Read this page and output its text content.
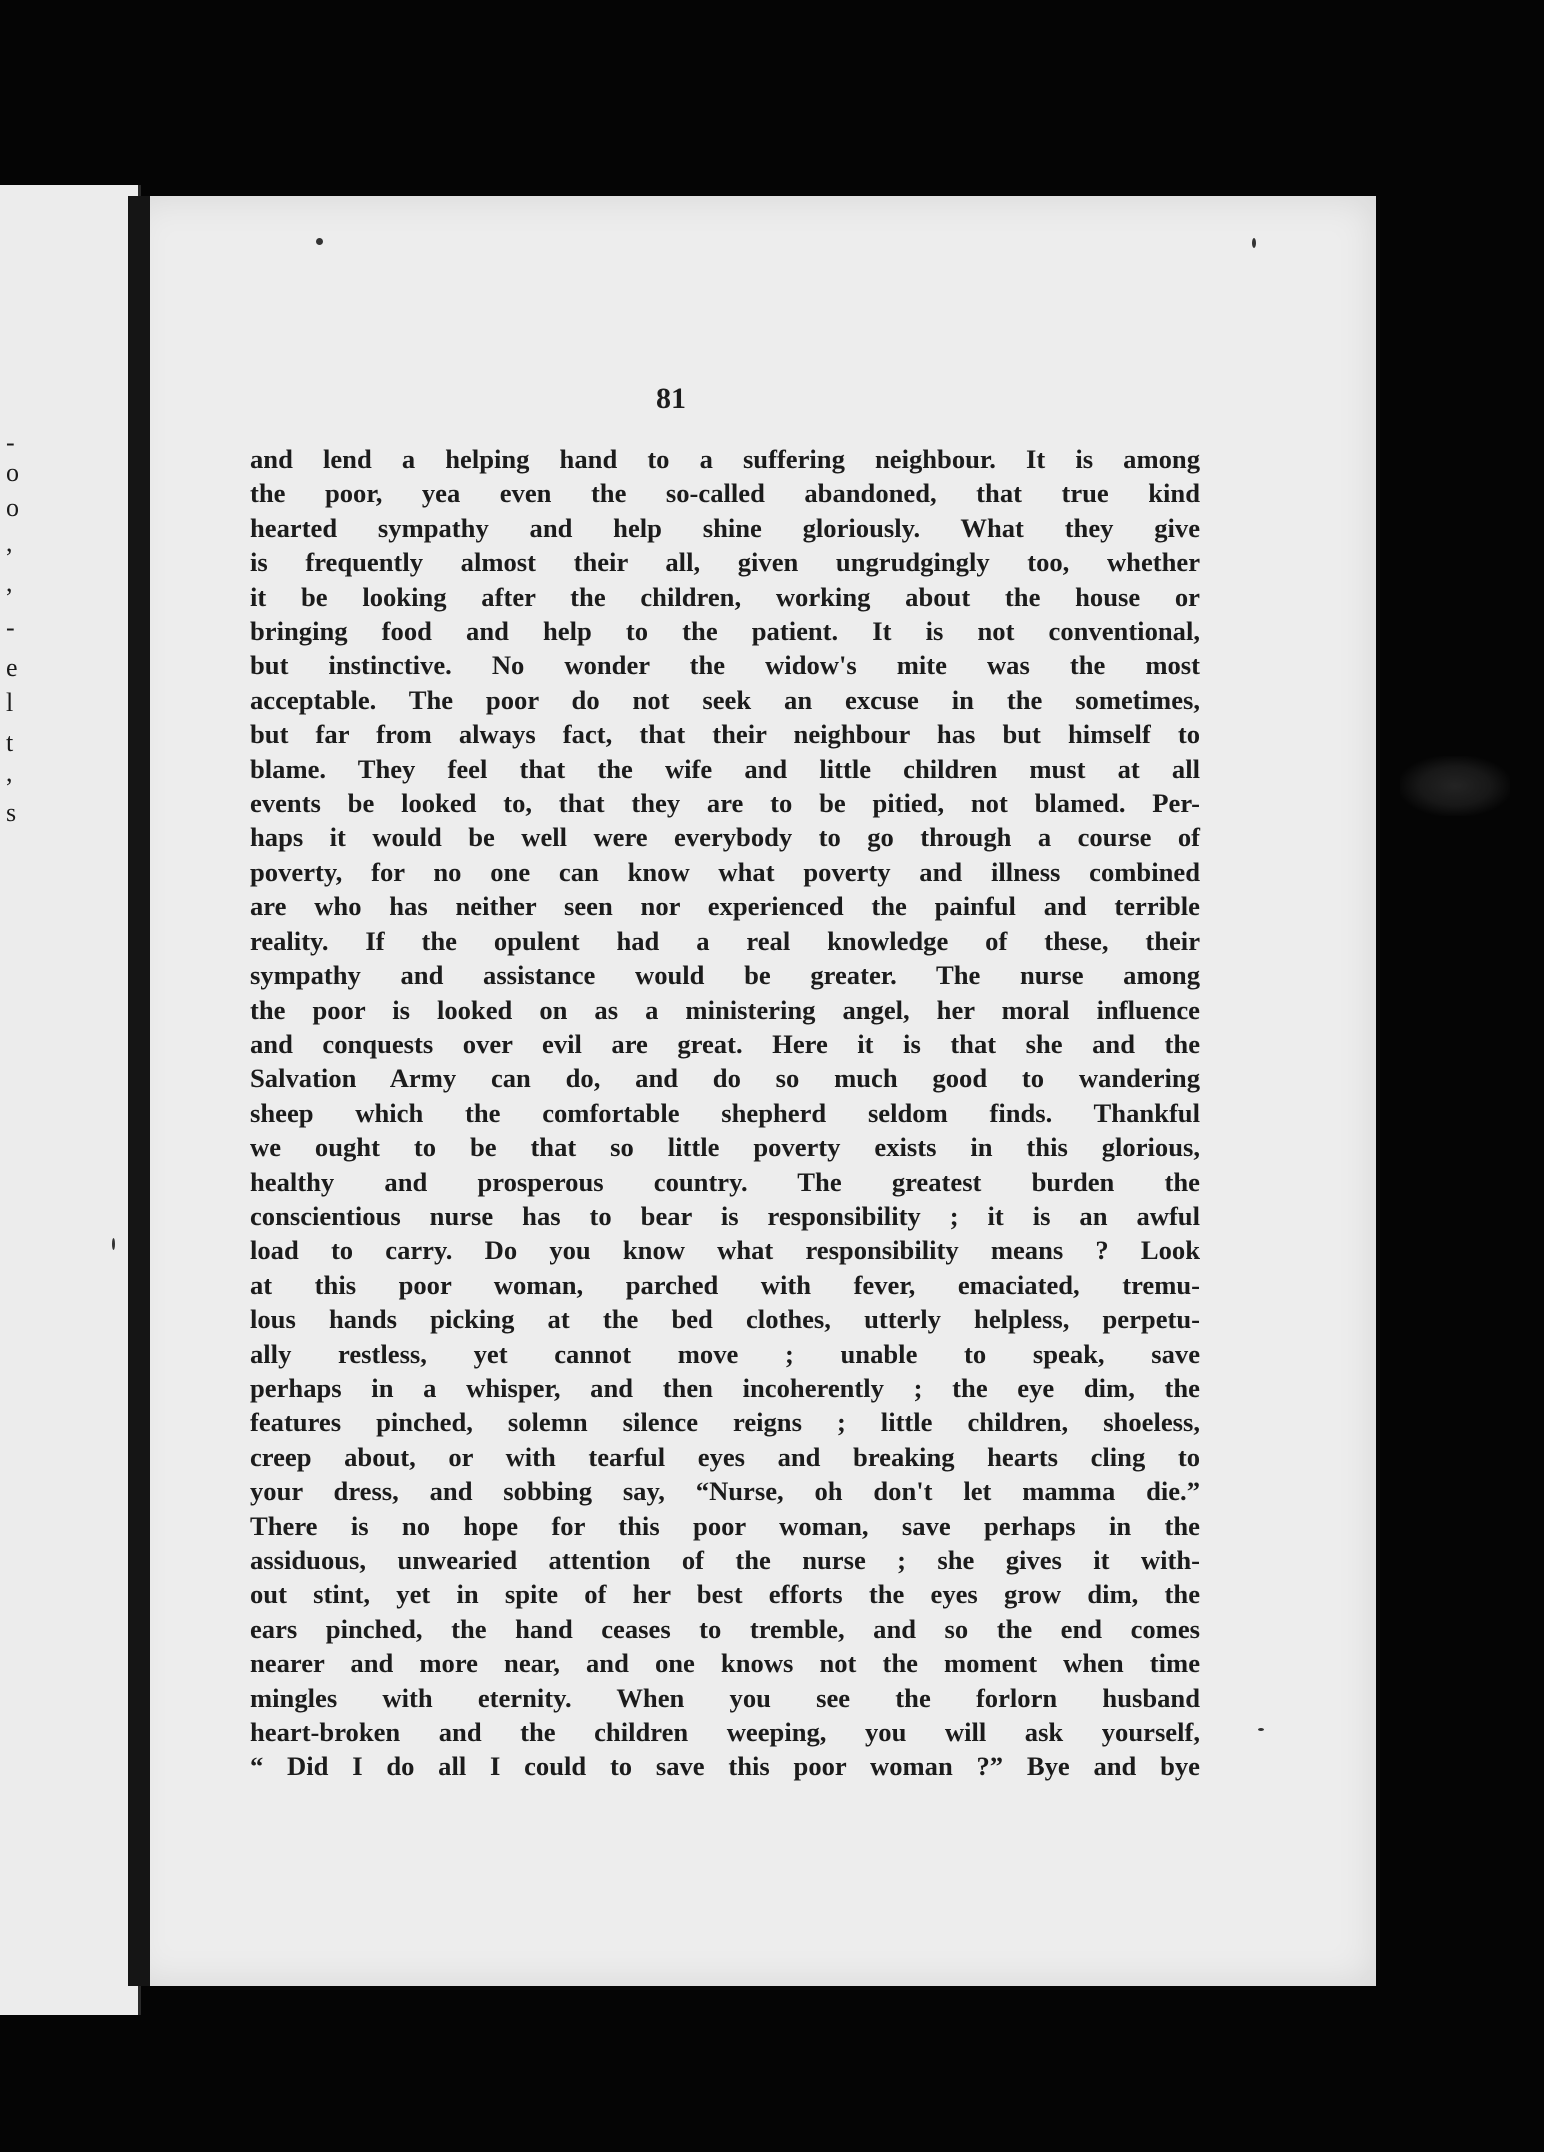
-
o
o
,
,
-
e
l
t
,
s
81
and lend a helping hand to a suffering neighbour. It is among
the poor, yea even the so-called abandoned, that true kind
hearted sympathy and help shine gloriously. What they give
is frequently almost their all, given ungrudgingly too, whether
it be looking after the children, working about the house or
bringing food and help to the patient. It is not conventional,
but instinctive. No wonder the widow's mite was the most
acceptable. The poor do not seek an excuse in the sometimes,
but far from always fact, that their neighbour has but himself to
blame. They feel that the wife and little children must at all
events be looked to, that they are to be pitied, not blamed. Per-
haps it would be well were everybody to go through a course of
poverty, for no one can know what poverty and illness combined
are who has neither seen nor experienced the painful and terrible
reality. If the opulent had a real knowledge of these, their
sympathy and assistance would be greater. The nurse among
the poor is looked on as a ministering angel, her moral influence
and conquests over evil are great. Here it is that she and the
Salvation Army can do, and do so much good to wandering
sheep which the comfortable shepherd seldom finds. Thankful
we ought to be that so little poverty exists in this glorious,
healthy and prosperous country. The greatest burden the
conscientious nurse has to bear is responsibility ; it is an awful
load to carry. Do you know what responsibility means ? Look
at this poor woman, parched with fever, emaciated, tremu-
lous hands picking at the bed clothes, utterly helpless, perpetu-
ally restless, yet cannot move ; unable to speak, save
perhaps in a whisper, and then incoherently ; the eye dim, the
features pinched, solemn silence reigns ; little children, shoeless,
creep about, or with tearful eyes and breaking hearts cling to
your dress, and sobbing say, “Nurse, oh don't let mamma die.”
There is no hope for this poor woman, save perhaps in the
assiduous, unwearied attention of the nurse ; she gives it with-
out stint, yet in spite of her best efforts the eyes grow dim, the
ears pinched, the hand ceases to tremble, and so the end comes
nearer and more near, and one knows not the moment when time
mingles with eternity. When you see the forlorn husband
heart-broken and the children weeping, you will ask yourself,
“ Did I do all I could to save this poor woman ?” Bye and bye
